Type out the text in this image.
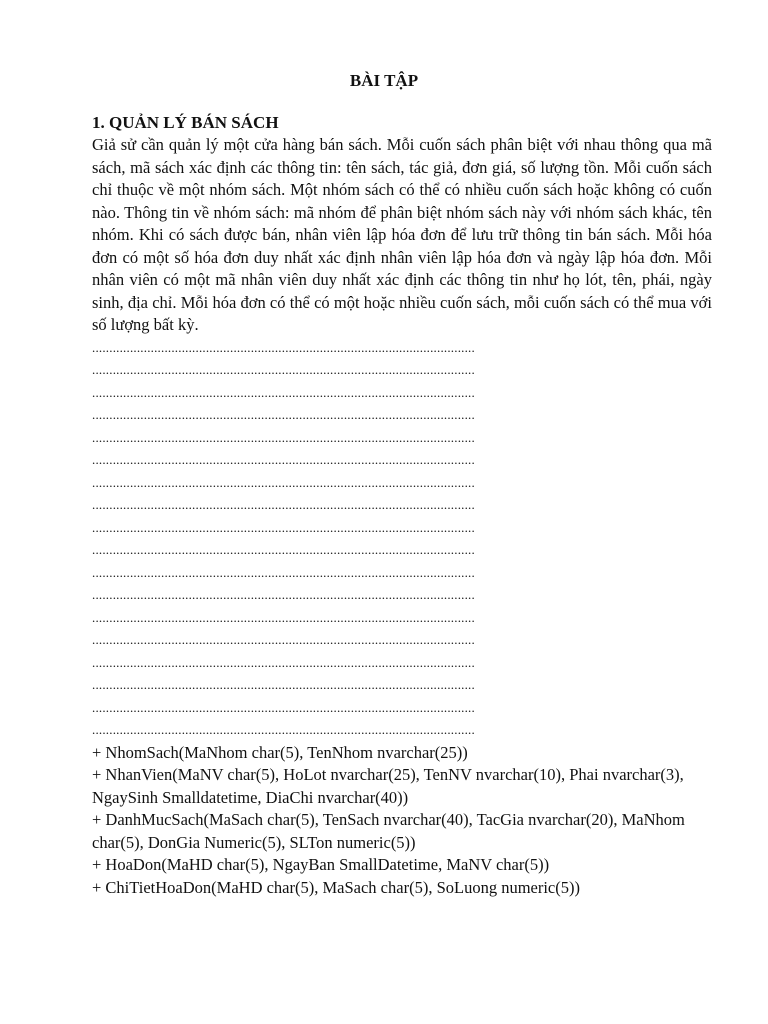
BÀI TẬP

1. QUẢN LÝ BÁN SÁCH

Giả sử cần quản lý một cửa hàng bán sách. Mỗi cuốn sách phân biệt với nhau thông qua mã sách, mã sách xác định các thông tin: tên sách, tác giả, đơn giá, số lượng tồn. Mỗi cuốn sách chỉ thuộc về một nhóm sách. Một nhóm sách có thể có nhiều cuốn sách hoặc không có cuốn nào. Thông tin về nhóm sách: mã nhóm để phân biệt nhóm sách này với nhóm sách khác, tên nhóm. Khi có sách được bán, nhân viên lập hóa đơn để lưu trữ thông tin bán sách. Mỗi hóa đơn có một số hóa đơn duy nhất xác định nhân viên lập hóa đơn và ngày lập hóa đơn. Mỗi nhân viên có một mã nhân viên duy nhất xác định các thông tin như họ lót, tên, phái, ngày sinh, địa chỉ. Mỗi hóa đơn có thể có một hoặc nhiều cuốn sách, mỗi cuốn sách có thể mua với số lượng bất kỳ.

...............................................................................................................
...............................................................................................................
...............................................................................................................
...............................................................................................................
...............................................................................................................
...............................................................................................................
...............................................................................................................
...............................................................................................................
...............................................................................................................
...............................................................................................................
...............................................................................................................
...............................................................................................................
...............................................................................................................
...............................................................................................................
...............................................................................................................
...............................................................................................................
...............................................................................................................
...............................................................................................................

+ NhomSach(MaNhom char(5), TenNhom nvarchar(25))

+ NhanVien(MaNV char(5), HoLot nvarchar(25), TenNV nvarchar(10), Phai nvarchar(3), NgaySinh Smalldatetime, DiaChi nvarchar(40))

+ DanhMucSach(MaSach char(5), TenSach nvarchar(40), TacGia nvarchar(20), MaNhom char(5), DonGia Numeric(5), SLTon numeric(5))

+ HoaDon(MaHD char(5), NgayBan SmallDatetime, MaNV char(5))

+ ChiTietHoaDon(MaHD char(5), MaSach char(5), SoLuong numeric(5))
